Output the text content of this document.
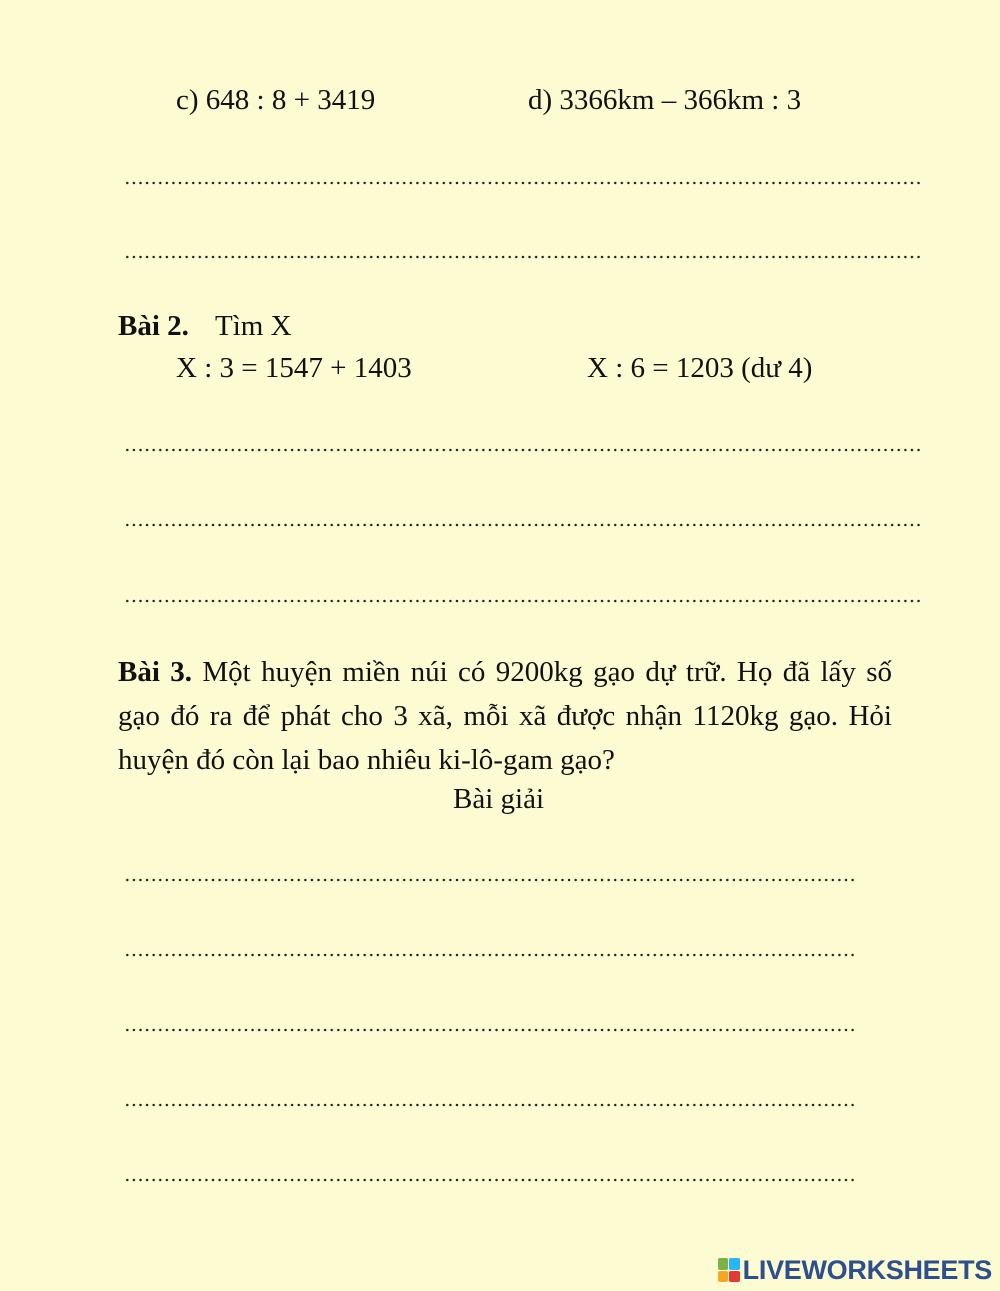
c) 648 : 8 + 3419	d) 3366km – 366km : 3
Bài 2. Tìm X
X : 3 = 1547 + 1403	X : 6 = 1203 (dư 4)
Bài 3. Một huyện miền núi có 9200kg gạo dự trữ. Họ đã lấy số gạo đó ra để phát cho 3 xã, mỗi xã được nhận 1120kg gạo. Hỏi huyện đó còn lại bao nhiêu ki-lô-gam gạo?
Bài giải
LIVEWORKSHEETS
